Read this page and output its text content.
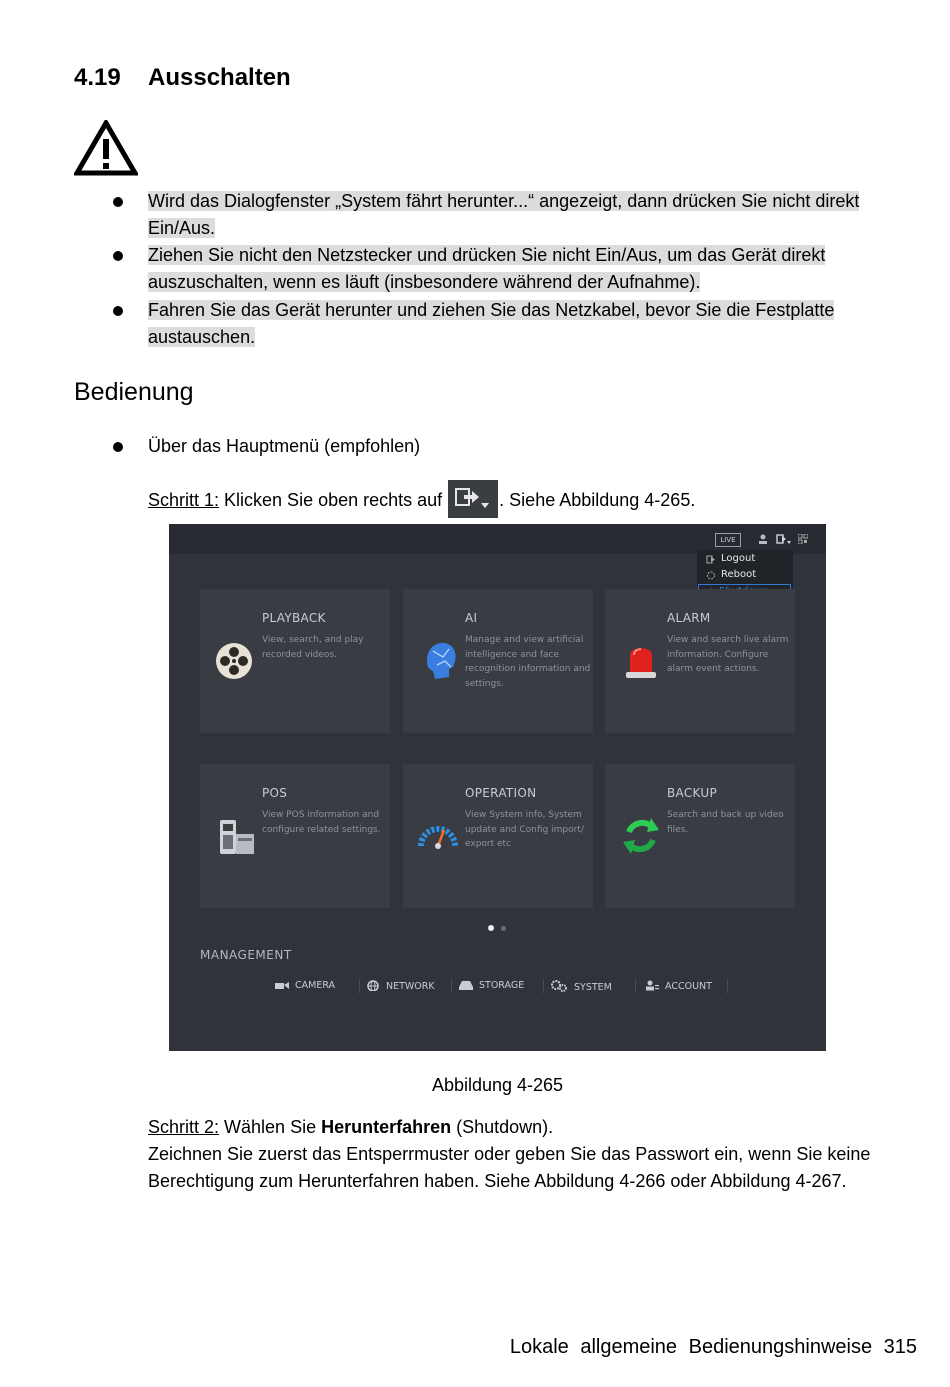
4.19 Ausschalten
Wird das Dialogfenster „System fährt herunter...“ angezeigt, dann drücken Sie nicht direkt
Ein/Aus.
Ziehen Sie nicht den Netzstecker und drücken Sie nicht Ein/Aus, um das Gerät direkt
auszuschalten, wenn es läuft (insbesondere während der Aufnahme).
Fahren Sie das Gerät herunter und ziehen Sie das Netzkabel, bevor Sie die Festplatte
austauschen.
Bedienung
Über das Hauptmenü (empfohlen)
Schritt 1: Klicken Sie oben rechts auf	. Siehe Abbildung 4-265.
LIVE
Logout
Reboot
PLAYBACK
View, search, and play recorded videos.
AI
Manage and view artificial intelligence and face recognition information and settings.
ALARM
View and search live alarm information. Configure alarm event actions.
POS
View POS information and configure related settings.
OPERATION
View System info, System update and Config import/ export etc
BACKUP
Search and back up video files.
MANAGEMENT
CAMERA	NETWORK	STORAGE	SYSTEM	ACCOUNT
Abbildung 4-265
Schritt 2: Wählen Sie Herunterfahren (Shutdown).
Zeichnen Sie zuerst das Entsperrmuster oder geben Sie das Passwort ein, wenn Sie keine
Berechtigung zum Herunterfahren haben. Siehe Abbildung 4-266 oder Abbildung 4-267.
Lokale allgemeine Bedienungshinweise 315
